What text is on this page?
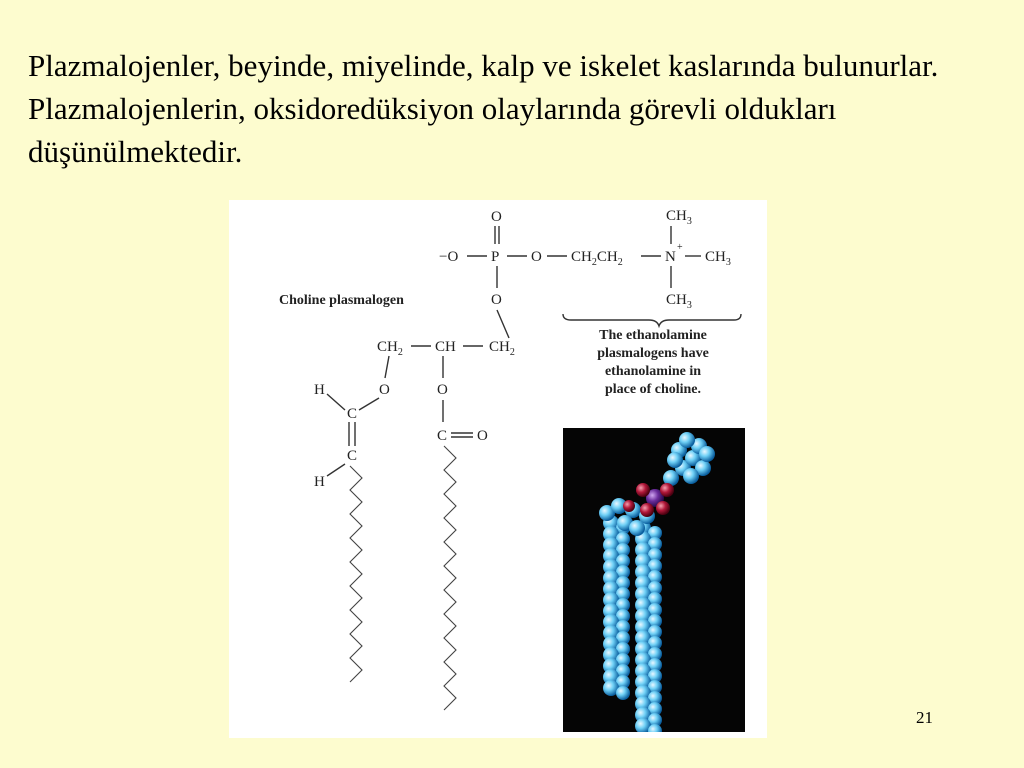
Plazmalojenler, beyinde, miyelinde, kalp ve iskelet kaslarında bulunurlar. Plazmalojenlerin, oksidoredüksiyon olaylarında görevli oldukları düşünülmektedir.

O
−O P O $CH_2CH_2$	N
+
$CH_3$
$CH_3$
$CH_3$
The ethanolamine
plasmalogens have
ethanolamine in
place of choline.
Choline plasmalogen	O
$CH_2$ CH $CH_2$
O
H
C
C
H
O
C O
21
